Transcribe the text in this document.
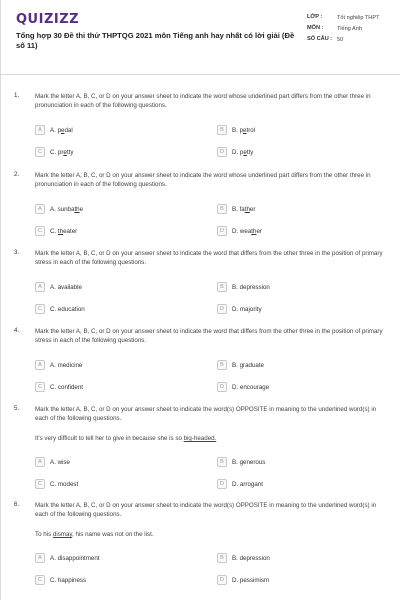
QUIZIZZ
Tổng hợp 30 Đề thi thử THPTQG 2021 môn Tiếng anh hay nhất có lời giải (Đề số 11)
LỚP :	Tốt nghiệp THPT
MÔN :	Tiếng Anh
SỐ CÂU : 50
1.	Mark the letter A, B, C, or D on your answer sheet to indicate the word whose underlined part differs from the other three in pronunciation in each of the following questions.
A	A. pedal	B	B. petrol
C	C. pretty	D	D. petty
2.	Mark the letter A, B, C, or D on your answer sheet to indicate the word whose underlined part differs from the other three in pronunciation in each of the following questions.
A	A. sunbathe	B	B. father
C	C. theater	D	D. weather
3.	Mark the letter A, B, C, or D on your answer sheet to indicate the word that differs from the other three in the position of primary stress in each of the following questions.
A	A. available	B	B. depression
C	C. education	D	D. majority
4.	Mark the letter A, B, C, or D on your answer sheet to indicate the word that differs from the other three in the position of primary stress in each of the following questions.
A	A. medicine	B	B. graduate
C	C. confident	D	D. encourage
5.	Mark the letter A, B, C, or D on your answer sheet to indicate the word(s) OPPOSITE in meaning to the underlined word(s) in each of the following questions.
It's very difficult to tell her to give in because she is so big-headed.
A	A. wise	B	B. generous
C	C. modest	D	D. arrogant
6.	Mark the letter A, B, C, or D on your answer sheet to indicate the word(s) OPPOSITE in meaning to the underlined word(s) in each of the following questions.
To his dismay, his name was not on the list.
A	A. disappointment	B	B. depression
C	C. happiness	D	D. pessimism
